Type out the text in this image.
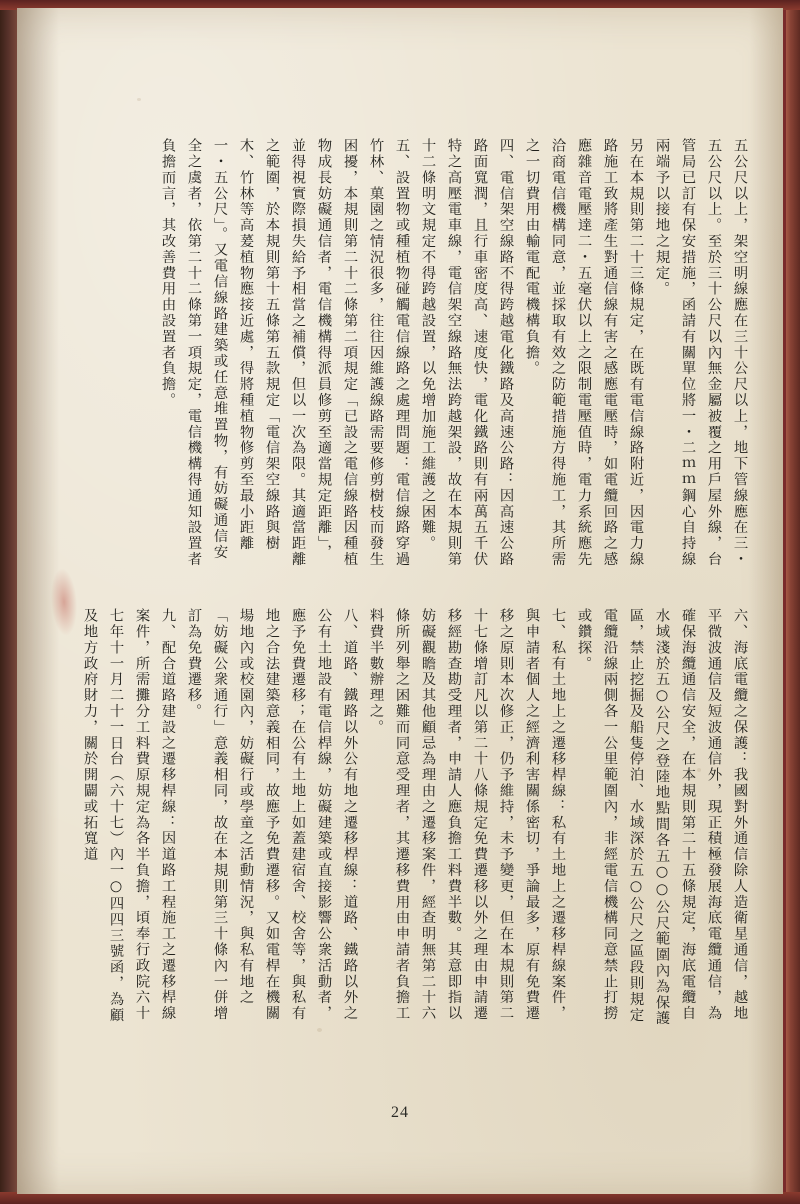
五公尺以上，架空明線應在三十公尺以上，地下管線應在三・五公尺以上。至於三十公尺以內無金屬被覆之用戶屋外線，台管局已訂有保安措施，函請有關單位將一・二ｍｍ鋼心自持線兩端予以接地之規定。
另在本規則第二十三條規定，在既有電信線路附近，因電力線路施工致將產生對通信線有害之感應電壓時，如電纜回路之感應雜音電壓達二・五毫伏以上之限制電壓值時，電力系統應先洽商電信機構同意，並採取有效之防範措施方得施工，其所需之一切費用由輸電配電機構負擔。
四、電信架空線路不得跨越電化鐵路及高速公路：因高速公路路面寬潤，且行車密度高、速度快，電化鐵路則有兩萬五千伏特之高壓電車線，電信架空線路無法跨越架設，故在本規則第十二條明文規定不得跨越設置，以免增加施工維護之困難。
五、設置物或種植物碰觸電信線路之處理問題：電信線路穿過竹林、菓園之情況很多，往往因維護線路需要修剪樹枝而發生困擾，本規則第二十二條第二項規定「已設之電信線路因種植物成長妨礙通信者，電信機構得派員修剪至適當規定距離」，並得視實際損失給予相當之補償，但以一次為限。其適當距離之範圍，於本規則第十五條第五款規定「電信架空線路與樹木、竹林等高萲植物應接近處，得將種植物修剪至最小距離一・五公尺」。又電信線路建築或任意堆置物，有妨礙通信安全之虞者，依第二十二條第一項規定，電信機構得通知設置者負擔而言，其改善費用由設置者負擔。
六、海底電纜之保護：我國對外通信除人造衛星通信，越地平微波通信及短波通信外，現正積極發展海底電纜通信，為確保海纜通信安全，在本規則第二十五條規定，海底電纜自水域淺於五○公尺之登陸地點間各五○○公尺範圍內為保護區，禁止挖掘及船隻停泊、水域深於五○公尺之區段則規定電纜沿線兩側各一公里範圍內，非經電信機構同意禁止打撈或鑽探。
七、私有土地上之遷移桿線：私有土地上之遷移桿線案件，與申請者個人之經濟利害關係密切，爭論最多，原有免費遷移之原則本次修正，仍予維持，未予變更，但在本規則第二十七條增訂凡以第二十八條規定免費遷移以外之理由申請遷移經勘查勘受理者，申請人應負擔工料費半數。其意即指以妨礙觀瞻及其他顧忌為理由之遷移案件，經查明無第二十六條所列舉之困難而同意受理者，其遷移費用由申請者負擔工料費半數辦理之。
八、道路、鐵路以外公有地之遷移桿線：道路、鐵路以外之公有土地設有電信桿線，妨礙建築或直接影響公衆活動者，應予免費遷移；在公有土地上如蓋建宿舍、校舍等，與私有地之合法建築意義相同，故應予免費遷移。又如電桿在機關場地內或校園內，妨礙行或學童之活動情況，與私有地之「妨礙公衆通行」意義相同，故在本規則第三十條內一併增訂為免費遷移。
九、配合道路建設之遷移桿線：因道路工程施工之遷移桿線案件，所需攤分工料費原規定為各半負擔，頃奉行政院六十七年十一月二十一日台（六十七）內一○四四三號函，為顧及地方政府財力，關於開闢或拓寬道
24
